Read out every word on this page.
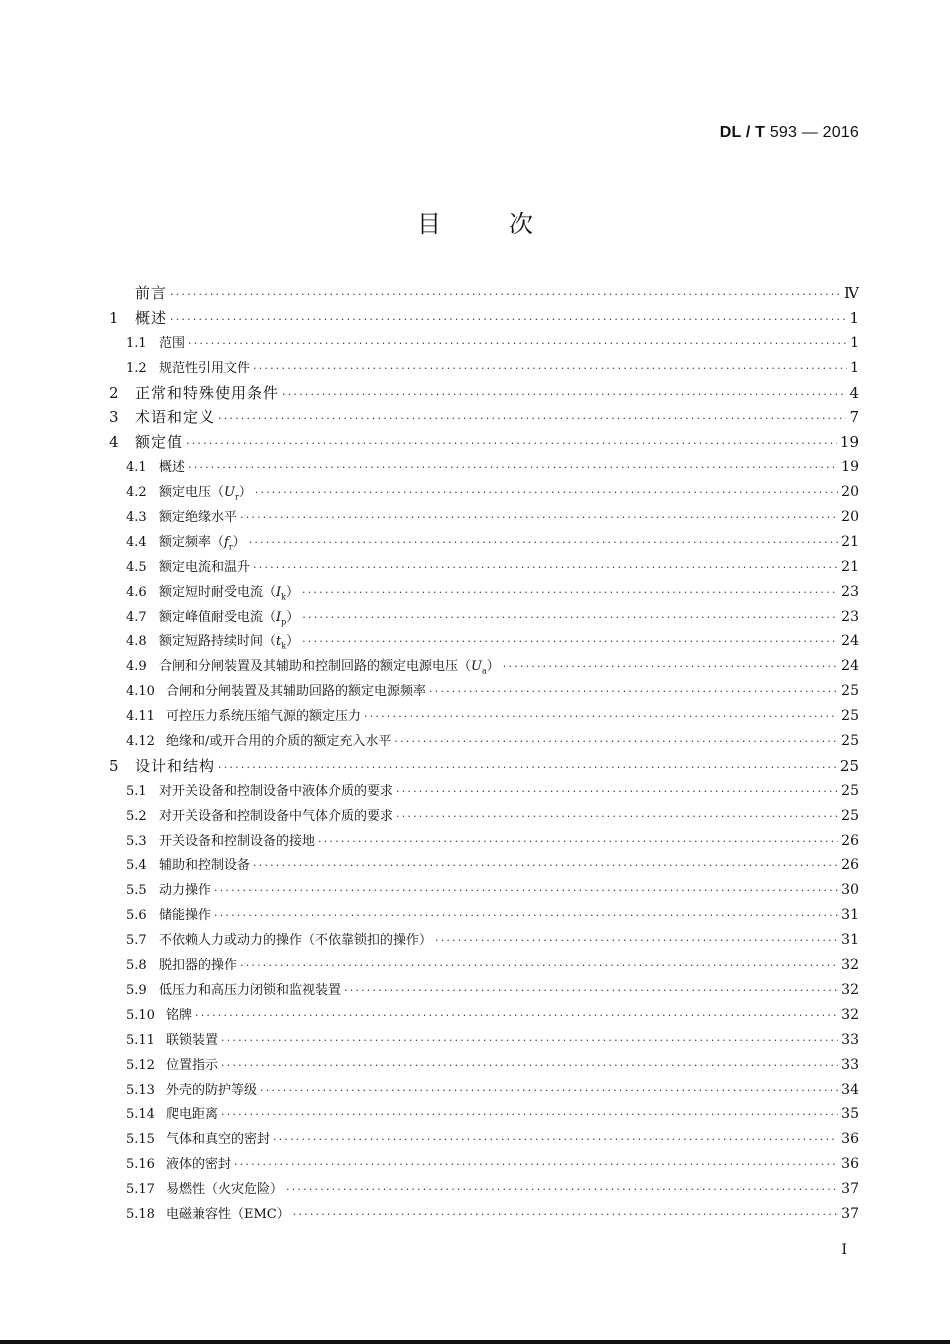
DL / T 593 — 2016
目次
前言 ·····	Ⅳ
1	概述 ·····	1
1.1 范围 ·····	1
1.2 规范性引用文件 ·····	1
2	正常和特殊使用条件 ·····	4
3	术语和定义 ·····	7
4	额定值 ·····	19
4.1 概述 ·····	19
4.2 额定电压$(U_r)$ ·····	20
4.3 额定绝缘水平 ·····	20
4.4 额定频率$(f_r)$ ·····	21
4.5 额定电流和温升 ·····	21
4.6 额定短时耐受电流$(I_k)$ ·····	23
4.7 额定峰值耐受电流$(I_p)$ ·····	23
4.8 额定短路持续时间$(t_k)$ ·····	24
4.9 合闸和分闸装置及其辅助和控制回路的额定电源电压$(U_a)$ ·····	24
4.10 合闸和分闸装置及其辅助回路的额定电源频率 ·····	25
4.11 可控压力系统压缩气源的额定压力 ·····	25
4.12 绝缘和/或开合用的介质的额定充入水平 ·····	25
5	设计和结构 ·····	25
5.1 对开关设备和控制设备中液体介质的要求 ·····	25
5.2 对开关设备和控制设备中气体介质的要求 ·····	25
5.3 开关设备和控制设备的接地 ·····	26
5.4 辅助和控制设备 ·····	26
5.5 动力操作 ·····	30
5.6 储能操作 ·····	31
5.7 不依赖人力或动力的操作（不依靠锁扣的操作） ·····	31
5.8 脱扣器的操作 ·····	32
5.9 低压力和高压力闭锁和监视装置 ·····	32
5.10 铭牌 ·····	32
5.11 联锁装置 ·····	33
5.12 位置指示 ·····	33
5.13 外壳的防护等级 ·····	34
5.14 爬电距离 ·····	35
5.15 气体和真空的密封 ·····	36
5.16 液体的密封 ·····	36
5.17 易燃性（火灾危险） ·····	37
5.18 电磁兼容性（EMC） ·····	37
I
